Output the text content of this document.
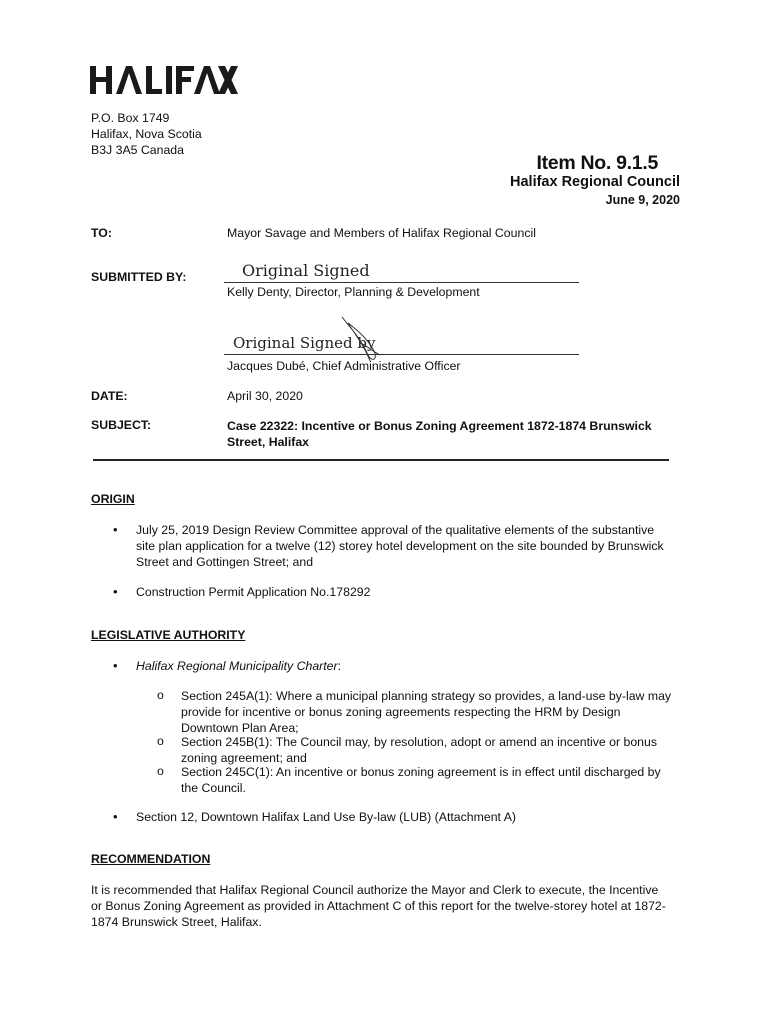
P.O. Box 1749
Halifax, Nova Scotia
B3J 3A5 Canada
Item No. 9.1.5
Halifax Regional Council
June 9, 2020
TO:	Mayor Savage and Members of Halifax Regional Council
SUBMITTED BY:	Original Signed
Kelly Denty, Director, Planning & Development
Original Signed by
Jacques Dubé, Chief Administrative Officer
DATE:	April 30, 2020
SUBJECT:	Case 22322: Incentive or Bonus Zoning Agreement 1872-1874 Brunswick
Street, Halifax
ORIGIN
• July 25, 2019 Design Review Committee approval of the qualitative elements of the substantive
site plan application for a twelve (12) storey hotel development on the site bounded by Brunswick
Street and Gottingen Street; and
• Construction Permit Application No.178292
LEGISLATIVE AUTHORITY
• Halifax Regional Municipality Charter:
o Section 245A(1): Where a municipal planning strategy so provides, a land-use by-law may
provide for incentive or bonus zoning agreements respecting the HRM by Design
Downtown Plan Area;
o Section 245B(1): The Council may, by resolution, adopt or amend an incentive or bonus
zoning agreement; and
o Section 245C(1): An incentive or bonus zoning agreement is in effect until discharged by
the Council.
• Section 12, Downtown Halifax Land Use By-law (LUB) (Attachment A)
RECOMMENDATION
It is recommended that Halifax Regional Council authorize the Mayor and Clerk to execute, the Incentive
or Bonus Zoning Agreement as provided in Attachment C of this report for the twelve-storey hotel at 1872-
1874 Brunswick Street, Halifax.
